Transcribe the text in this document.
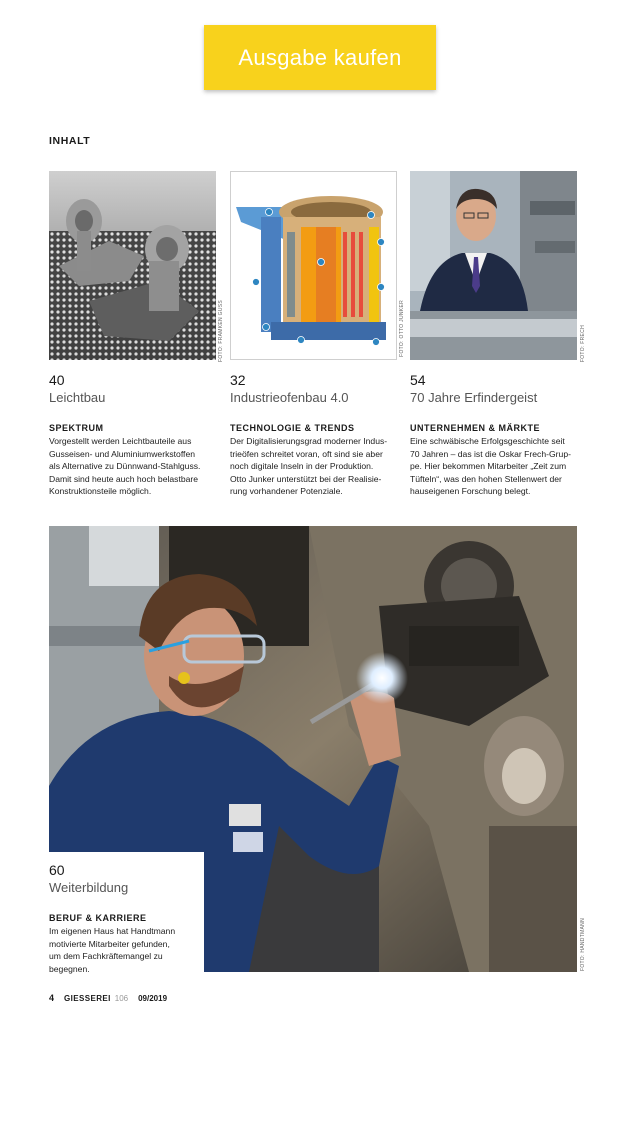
Ausgabe kaufen
INHALT
FOTO: FRAMKEN GUSS	FOTO: OTTO JUNKER	FOTO: FRECH
40
Leichtbau
SPEKTRUM
Vorgestellt werden Leichtbauteile aus
Gusseisen- und Aluminiumwerkstoffen
als Alternative zu Dünnwand-Stahlguss.
Damit sind heute auch hoch belastbare
Konstruktionsteile möglich.
32
Industrieofenbau 4.0
TECHNOLOGIE & TRENDS
Der Digitalisierungsgrad moderner Indus-
trieöfen schreitet voran, oft sind sie aber
noch digitale Inseln in der Produktion.
Otto Junker unterstützt bei der Realisie-
rung vorhandener Potenziale.
54
70 Jahre Erfindergeist
UNTERNEHMEN & MÄRKTE
Eine schwäbische Erfolgsgeschichte seit
70 Jahren – das ist die Oskar Frech-Grup-
pe. Hier bekommen Mitarbeiter „Zeit zum
Tüfteln“, was den hohen Stellenwert der
hauseigenen Forschung belegt.
FOTO: HANDTMANN
60
Weiterbildung
BERUF & KARRIERE
Im eigenen Haus hat Handtmann
motivierte Mitarbeiter gefunden,
um dem Fachkräftemangel zu
begegnen.
4 GIESSEREI 106 09/2019
